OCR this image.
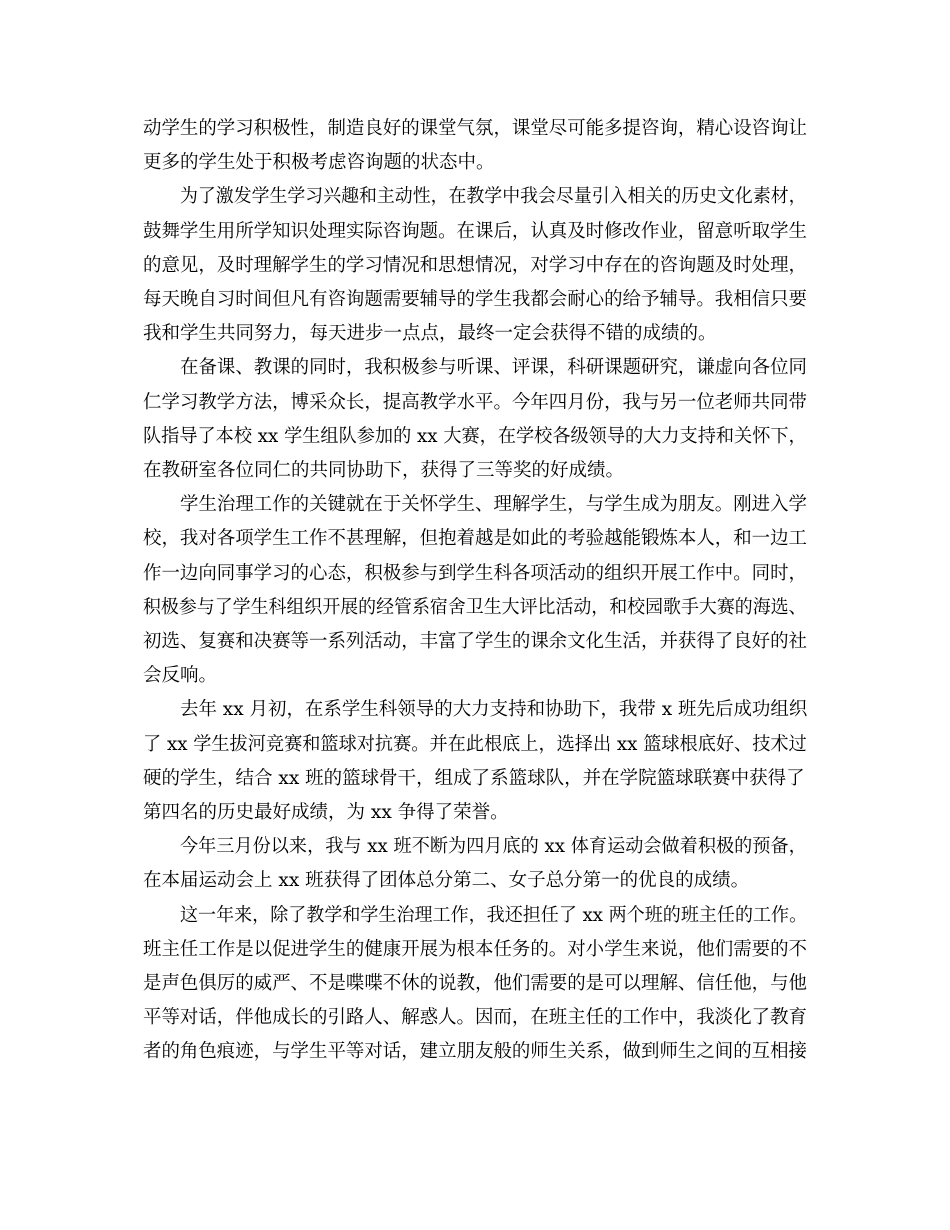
动学生的学习积极性，制造良好的课堂气氛，课堂尽可能多提咨询，精心设咨询让
更多的学生处于积极考虑咨询题的状态中。
为了激发学生学习兴趣和主动性，在教学中我会尽量引入相关的历史文化素材，
鼓舞学生用所学知识处理实际咨询题。在课后，认真及时修改作业，留意听取学生
的意见，及时理解学生的学习情况和思想情况，对学习中存在的咨询题及时处理，
每天晚自习时间但凡有咨询题需要辅导的学生我都会耐心的给予辅导。我相信只要
我和学生共同努力，每天进步一点点，最终一定会获得不错的成绩的。
在备课、教课的同时，我积极参与听课、评课，科研课题研究，谦虚向各位同
仁学习教学方法，博采众长，提高教学水平。今年四月份，我与另一位老师共同带
队指导了本校 xx 学生组队参加的 xx 大赛，在学校各级领导的大力支持和关怀下，
在教研室各位同仁的共同协助下，获得了三等奖的好成绩。
学生治理工作的关键就在于关怀学生、理解学生，与学生成为朋友。刚进入学
校，我对各项学生工作不甚理解，但抱着越是如此的考验越能锻炼本人，和一边工
作一边向同事学习的心态，积极参与到学生科各项活动的组织开展工作中。同时，
积极参与了学生科组织开展的经管系宿舍卫生大评比活动，和校园歌手大赛的海选、
初选、复赛和决赛等一系列活动，丰富了学生的课余文化生活，并获得了良好的社
会反响。
去年 xx 月初，在系学生科领导的大力支持和协助下，我带 x 班先后成功组织
了 xx 学生拔河竞赛和篮球对抗赛。并在此根底上，选择出 xx 篮球根底好、技术过
硬的学生，结合 xx 班的篮球骨干，组成了系篮球队，并在学院篮球联赛中获得了
第四名的历史最好成绩，为 xx 争得了荣誉。
今年三月份以来，我与 xx 班不断为四月底的 xx 体育运动会做着积极的预备，
在本届运动会上 xx 班获得了团体总分第二、女子总分第一的优良的成绩。
这一年来，除了教学和学生治理工作，我还担任了 xx 两个班的班主任的工作。
班主任工作是以促进学生的健康开展为根本任务的。对小学生来说，他们需要的不
是声色俱厉的威严、不是喋喋不休的说教，他们需要的是可以理解、信任他，与他
平等对话，伴他成长的引路人、解惑人。因而，在班主任的工作中，我淡化了教育
者的角色痕迹，与学生平等对话，建立朋友般的师生关系，做到师生之间的互相接
